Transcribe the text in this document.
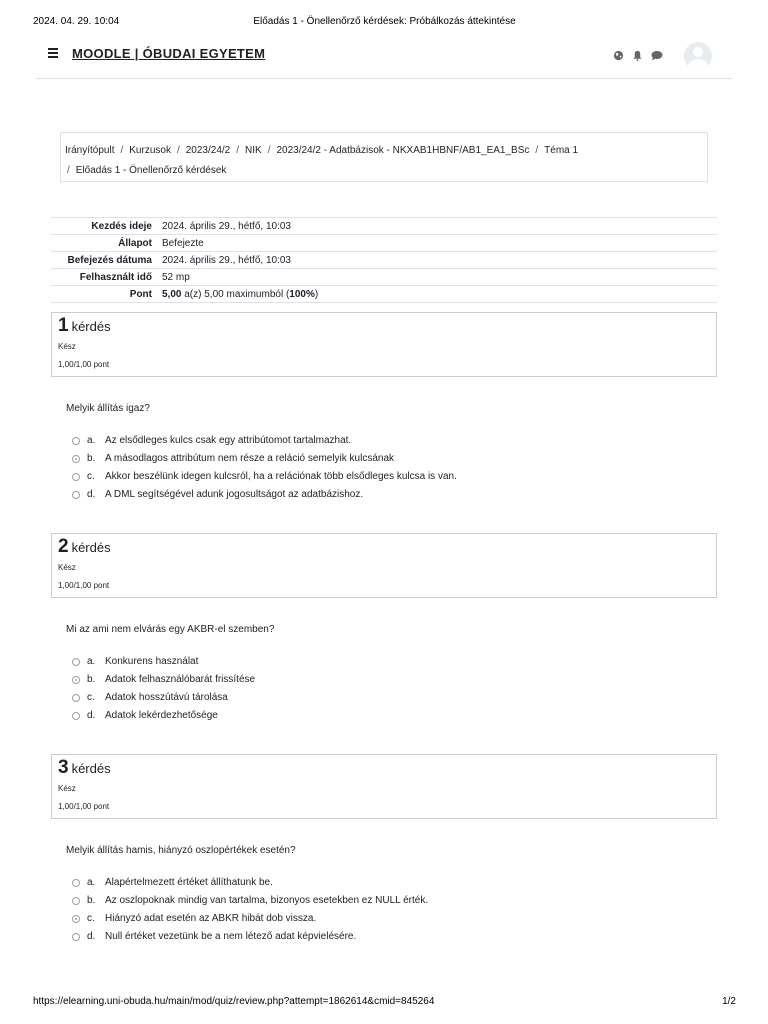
2024. 04. 29. 10:04	Előadás 1 - Önellenőrző kérdések: Próbálkozás áttekintése
MOODLE | ÓBUDAI EGYETEM
Irányítópult / Kurzusok / 2023/24/2 / NIK / 2023/24/2 - Adatbázisok - NKXAB1HBNF/AB1_EA1_BSc / Téma 1
/ Előadás 1 - Önellenőrző kérdések
Kezdés ideje	2024. április 29., hétfő, 10:03
Állapot	Befejezte
Befejezés dátuma	2024. április 29., hétfő, 10:03
Felhasznált idő	52 mp
Pont	5,00 a(z) 5,00 maximumból (100%)
1 kérdés
Kész
1,00/1,00 pont
Melyik állítás igaz?
a. Az elsődleges kulcs csak egy attribútomot tartalmazhat.
b. A másodlagos attribútum nem része a reláció semelyik kulcsának
c. Akkor beszélünk idegen kulcsról, ha a relációnak több elsődleges kulcsa is van.
d. A DML segítségével adunk jogosultságot az adatbázishoz.
2 kérdés
Kész
1,00/1,00 pont
Mi az ami nem elvárás egy AKBR-el szemben?
a. Konkurens használat
b. Adatok felhasználóbarát frissítése
c. Adatok hosszútávú tárolása
d. Adatok lekérdezhetősége
3 kérdés
Kész
1,00/1,00 pont
Melyik állítás hamis, hiányzó oszlopértékek esetén?
a. Alapértelmezett értéket állíthatunk be.
b. Az oszlopoknak mindig van tartalma, bizonyos esetekben ez NULL érték.
c. Hiányzó adat esetén az ABKR hibát dob vissza.
d. Null értéket vezetünk be a nem létező adat képvielésére.
https://elearning.uni-obuda.hu/main/mod/quiz/review.php?attempt=1862614&cmid=845264	1/2
